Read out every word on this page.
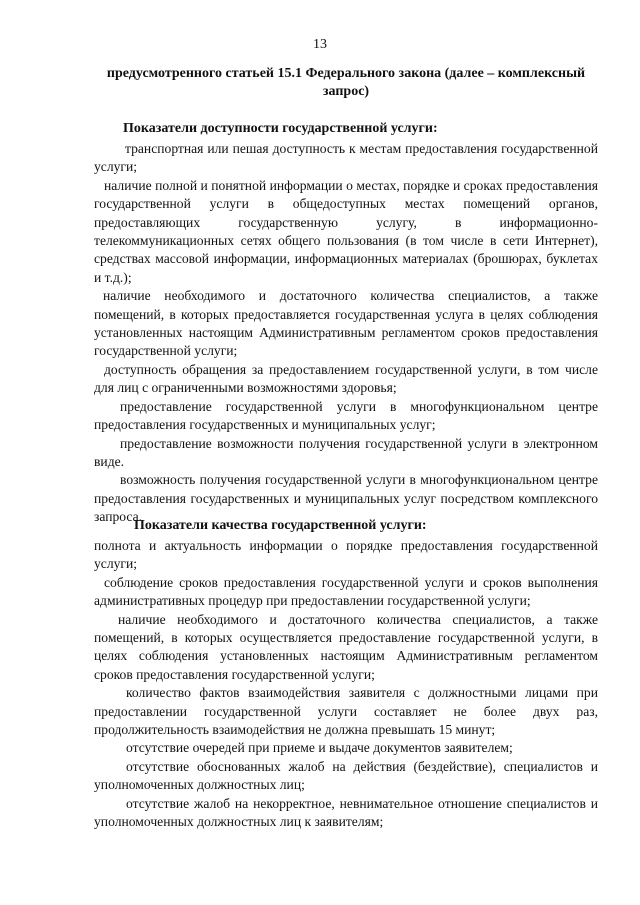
13
предусмотренного статьей 15.1 Федерального закона (далее – комплексный запрос)
Показатели доступности государственной услуги:

транспортная или пешая доступность к местам предоставления государственной услуги;

наличие полной и понятной информации о местах, порядке и сроках предоставления государственной услуги в общедоступных местах помещений органов, предоставляющих государственную услугу, в информационно-телекоммуникационных сетях общего пользования (в том числе в сети Интернет), средствах массовой информации, информационных материалах (брошюрах, буклетах и т.д.);

наличие необходимого и достаточного количества специалистов, а также помещений, в которых предоставляется государственная услуга в целях соблюдения установленных настоящим Административным регламентом сроков предоставления государственной услуги;

доступность обращения за предоставлением государственной услуги, в том числе для лиц с ограниченными возможностями здоровья;

предоставление государственной услуги в многофункциональном центре предоставления государственных и муниципальных услуг;

предоставление возможности получения государственной услуги в электронном виде.

возможность получения государственной услуги в многофункциональном центре предоставления государственных и муниципальных услуг посредством комплексного запроса.

Показатели качества государственной услуги:

полнота и актуальность информации о порядке предоставления государственной услуги;

соблюдение сроков предоставления государственной услуги и сроков выполнения административных процедур при предоставлении государственной услуги;

наличие необходимого и достаточного количества специалистов, а также помещений, в которых осуществляется предоставление государственной услуги, в целях соблюдения установленных настоящим Административным регламентом сроков предоставления государственной услуги;

количество фактов взаимодействия заявителя с должностными лицами при предоставлении государственной услуги составляет не более двух раз, продолжительность взаимодействия не должна превышать 15 минут;

отсутствие очередей при приеме и выдаче документов заявителем;

отсутствие обоснованных жалоб на действия (бездействие), специалистов и уполномоченных должностных лиц;

отсутствие жалоб на некорректное, невнимательное отношение специалистов и уполномоченных должностных лиц к заявителям;
